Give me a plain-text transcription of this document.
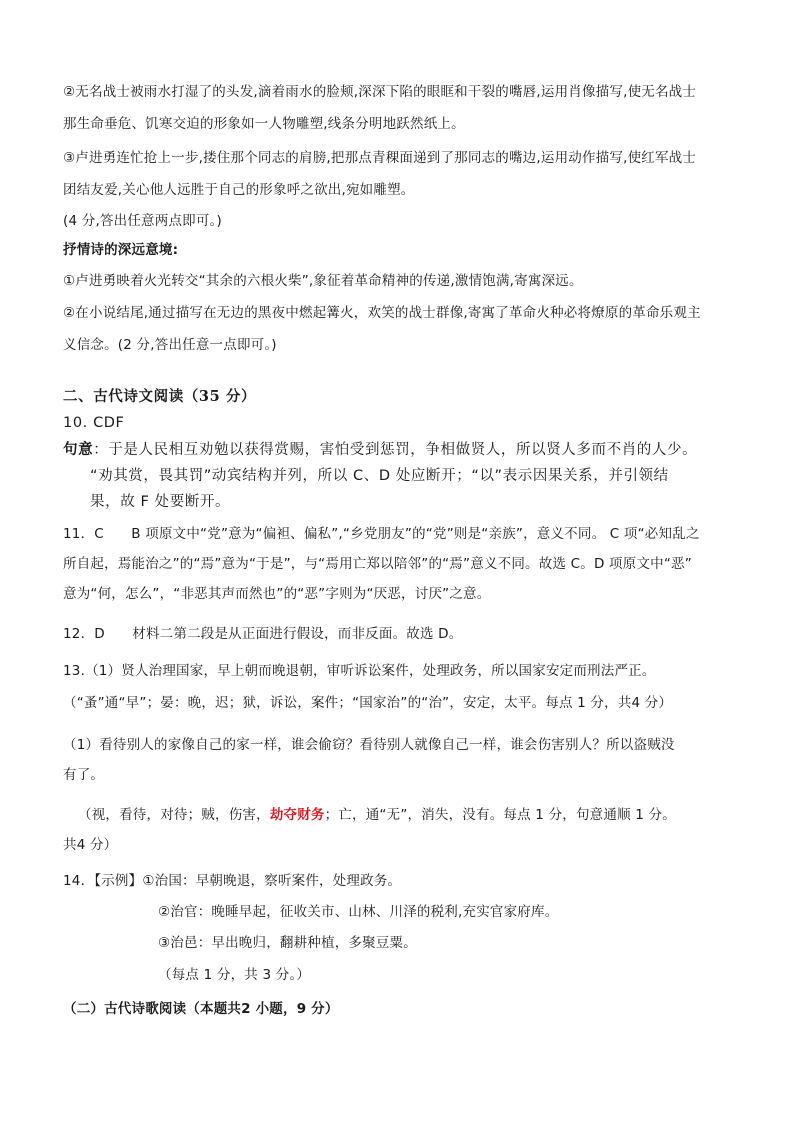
②无名战士被雨水打湿了的头发,滴着雨水的脸颊,深深下陷的眼眶和干裂的嘴唇,运用肖像描写,使无名战士
那生命垂危、饥寒交迫的形象如一人物雕塑,线条分明地跃然纸上。
③卢进勇连忙抢上一步,搂住那个同志的肩膀,把那点青稞面递到了那同志的嘴边,运用动作描写,使红军战士
团结友爱,关心他人远胜于自己的形象呼之欲出,宛如雕塑。
(4 分,答出任意两点即可。)
抒情诗的深远意境:
①卢进勇映着火光转交“其余的六根火柴”,象征着革命精神的传递,激情饱满,寄寓深远。
②在小说结尾,通过描写在无边的黑夜中燃起篝火，欢笑的战士群像,寄寓了革命火种必将燎原的革命乐观主
义信念。(2 分,答出任意一点即可。)
二、古代诗文阅读（35 分）
10. CDF
句意：于是人民相互劝勉以获得赏赐，害怕受到惩罚，争相做贤人，所以贤人多而不肖的人少。
“劝其赏，畏其罚”动宾结构并列，所以 C、D 处应断开；“以”表示因果关系，并引领结
果，故 F 处要断开。
11．C　　B 项原文中“党”意为“偏袒、偏私”,“乡党朋友”的“党”则是“亲族”，意义不同。 C 项“必知乱之
所自起，焉能治之”的“焉”意为“于是”，与“焉用亡郑以陪邻”的“焉”意义不同。故选 C。D 项原文中“恶”
意为“何，怎么”，“非恶其声而然也”的“恶”字则为“厌恶，讨厌”之意。
12．D　　材料二第二段是从正面进行假设，而非反面。故选 D。
13.（1）贤人治理国家，早上朝而晚退朝，审听诉讼案件，处理政务，所以国家安定而刑法严正。
（“蚤”通“早”；晏：晚，迟；狱，诉讼，案件；“国家治”的“治”，安定，太平。每点 1 分，共4 分）
（1）看待别人的家像自己的家一样，谁会偷窃？看待别人就像自己一样，谁会伤害别人？所以盗贼没
有了。
（视，看待，对待；贼，伤害，劫夺财务；亡，通“无”，消失，没有。每点 1 分，句意通顺 1 分。
共4 分）
14．【示例】①治国：早朝晚退，察听案件，处理政务。
②治官：晚睡早起，征收关市、山林、川泽的税利,充实官家府库。
③治邑：早出晚归，翻耕种植，多聚豆粟。
（每点 1 分，共 3 分。）
（二）古代诗歌阅读（本题共2 小题，9 分）
